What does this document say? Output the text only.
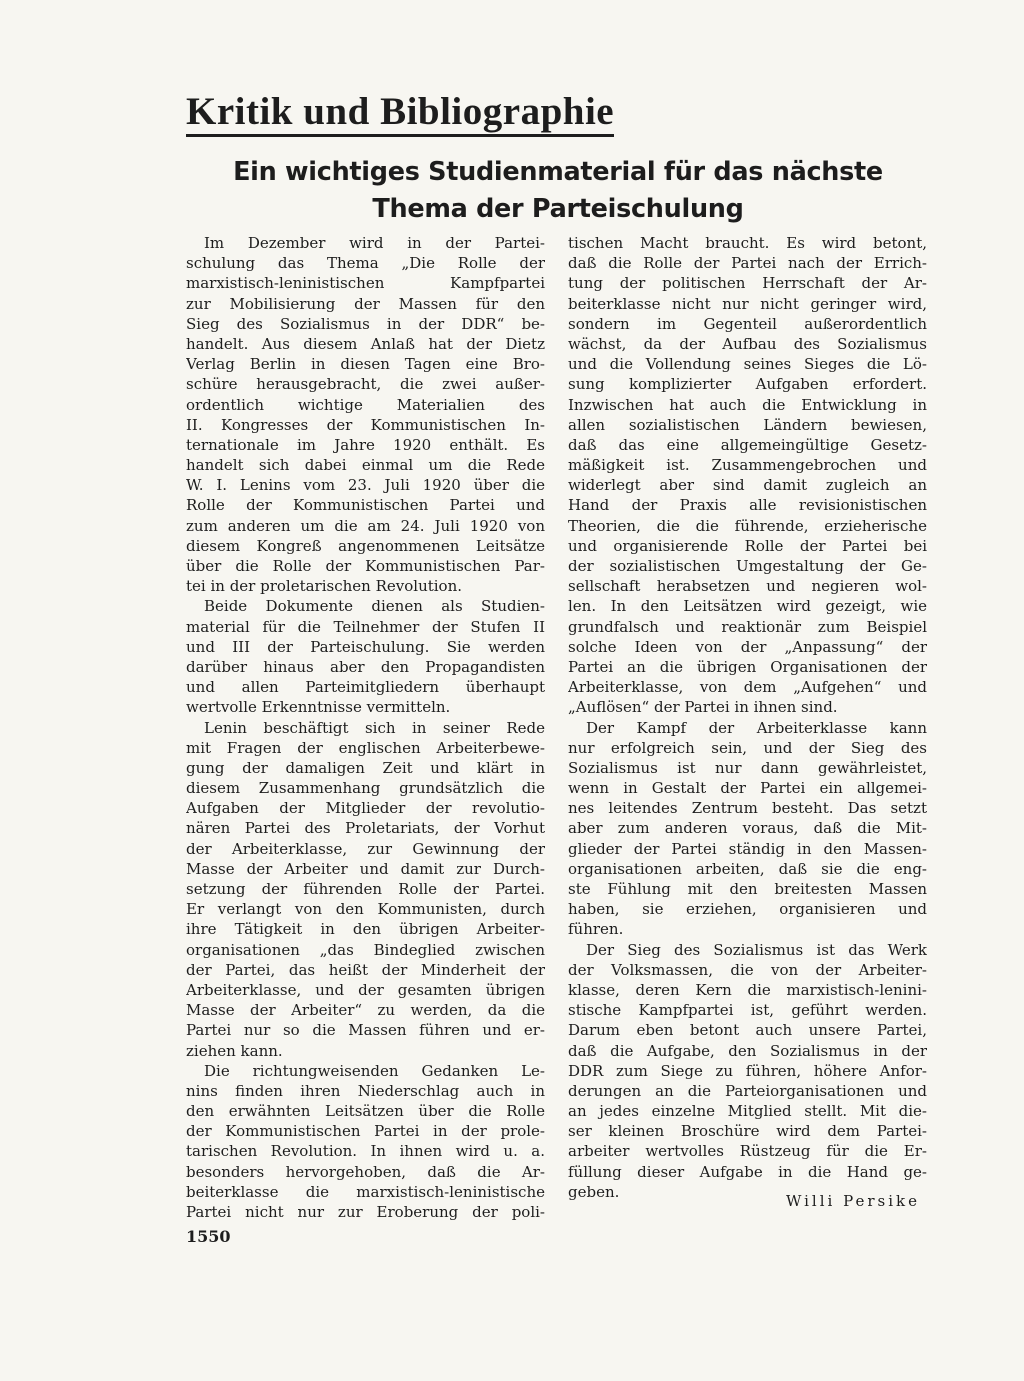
Kritik und Bibliographie
Ein wichtiges Studienmaterial für das nächste
Thema der Parteischulung
Im Dezember wird in der Partei-
schulung das Thema „Die Rolle der
marxistisch-leninistischen Kampfpartei
zur Mobilisierung der Massen für den
Sieg des Sozialismus in der DDR“ be-
handelt. Aus diesem Anlaß hat der Dietz
Verlag Berlin in diesen Tagen eine Bro-
schüre herausgebracht, die zwei außer-
ordentlich wichtige Materialien des
II. Kongresses der Kommunistischen In-
ternationale im Jahre 1920 enthält. Es
handelt sich dabei einmal um die Rede
W. I. Lenins vom 23. Juli 1920 über die
Rolle der Kommunistischen Partei und
zum anderen um die am 24. Juli 1920 von
diesem Kongreß angenommenen Leitsätze
über die Rolle der Kommunistischen Par-
tei in der proletarischen Revolution.
Beide Dokumente dienen als Studien-
material für die Teilnehmer der Stufen II
und III der Parteischulung. Sie werden
darüber hinaus aber den Propagandisten
und allen Parteimitgliedern überhaupt
wertvolle Erkenntnisse vermitteln.
Lenin beschäftigt sich in seiner Rede
mit Fragen der englischen Arbeiterbewe-
gung der damaligen Zeit und klärt in
diesem Zusammenhang grundsätzlich die
Aufgaben der Mitglieder der revolutio-
nären Partei des Proletariats, der Vorhut
der Arbeiterklasse, zur Gewinnung der
Masse der Arbeiter und damit zur Durch-
setzung der führenden Rolle der Partei.
Er verlangt von den Kommunisten, durch
ihre Tätigkeit in den übrigen Arbeiter-
organisationen „das Bindeglied zwischen
der Partei, das heißt der Minderheit der
Arbeiterklasse, und der gesamten übrigen
Masse der Arbeiter“ zu werden, da die
Partei nur so die Massen führen und er-
ziehen kann.
Die richtungweisenden Gedanken Le-
nins finden ihren Niederschlag auch in
den erwähnten Leitsätzen über die Rolle
der Kommunistischen Partei in der prole-
tarischen Revolution. In ihnen wird u. a.
besonders hervorgehoben, daß die Ar-
beiterklasse die marxistisch-leninistische
Partei nicht nur zur Eroberung der poli-
tischen Macht braucht. Es wird betont,
daß die Rolle der Partei nach der Errich-
tung der politischen Herrschaft der Ar-
beiterklasse nicht nur nicht geringer wird,
sondern im Gegenteil außerordentlich
wächst, da der Aufbau des Sozialismus
und die Vollendung seines Sieges die Lö-
sung komplizierter Aufgaben erfordert.
Inzwischen hat auch die Entwicklung in
allen sozialistischen Ländern bewiesen,
daß das eine allgemeingültige Gesetz-
mäßigkeit ist. Zusammengebrochen und
widerlegt aber sind damit zugleich an
Hand der Praxis alle revisionistischen
Theorien, die die führende, erzieherische
und organisierende Rolle der Partei bei
der sozialistischen Umgestaltung der Ge-
sellschaft herabsetzen und negieren wol-
len. In den Leitsätzen wird gezeigt, wie
grundfalsch und reaktionär zum Beispiel
solche Ideen von der „Anpassung“ der
Partei an die übrigen Organisationen der
Arbeiterklasse, von dem „Aufgehen“ und
„Auflösen“ der Partei in ihnen sind.
Der Kampf der Arbeiterklasse kann
nur erfolgreich sein, und der Sieg des
Sozialismus ist nur dann gewährleistet,
wenn in Gestalt der Partei ein allgemei-
nes leitendes Zentrum besteht. Das setzt
aber zum anderen voraus, daß die Mit-
glieder der Partei ständig in den Massen-
organisationen arbeiten, daß sie die eng-
ste Fühlung mit den breitesten Massen
haben, sie erziehen, organisieren und
führen.
Der Sieg des Sozialismus ist das Werk
der Volksmassen, die von der Arbeiter-
klasse, deren Kern die marxistisch-lenini-
stische Kampfpartei ist, geführt werden.
Darum eben betont auch unsere Partei,
daß die Aufgabe, den Sozialismus in der
DDR zum Siege zu führen, höhere Anfor-
derungen an die Parteiorganisationen und
an jedes einzelne Mitglied stellt. Mit die-
ser kleinen Broschüre wird dem Partei-
arbeiter wertvolles Rüstzeug für die Er-
füllung dieser Aufgabe in die Hand ge-
geben.

Willi Persike

1550
